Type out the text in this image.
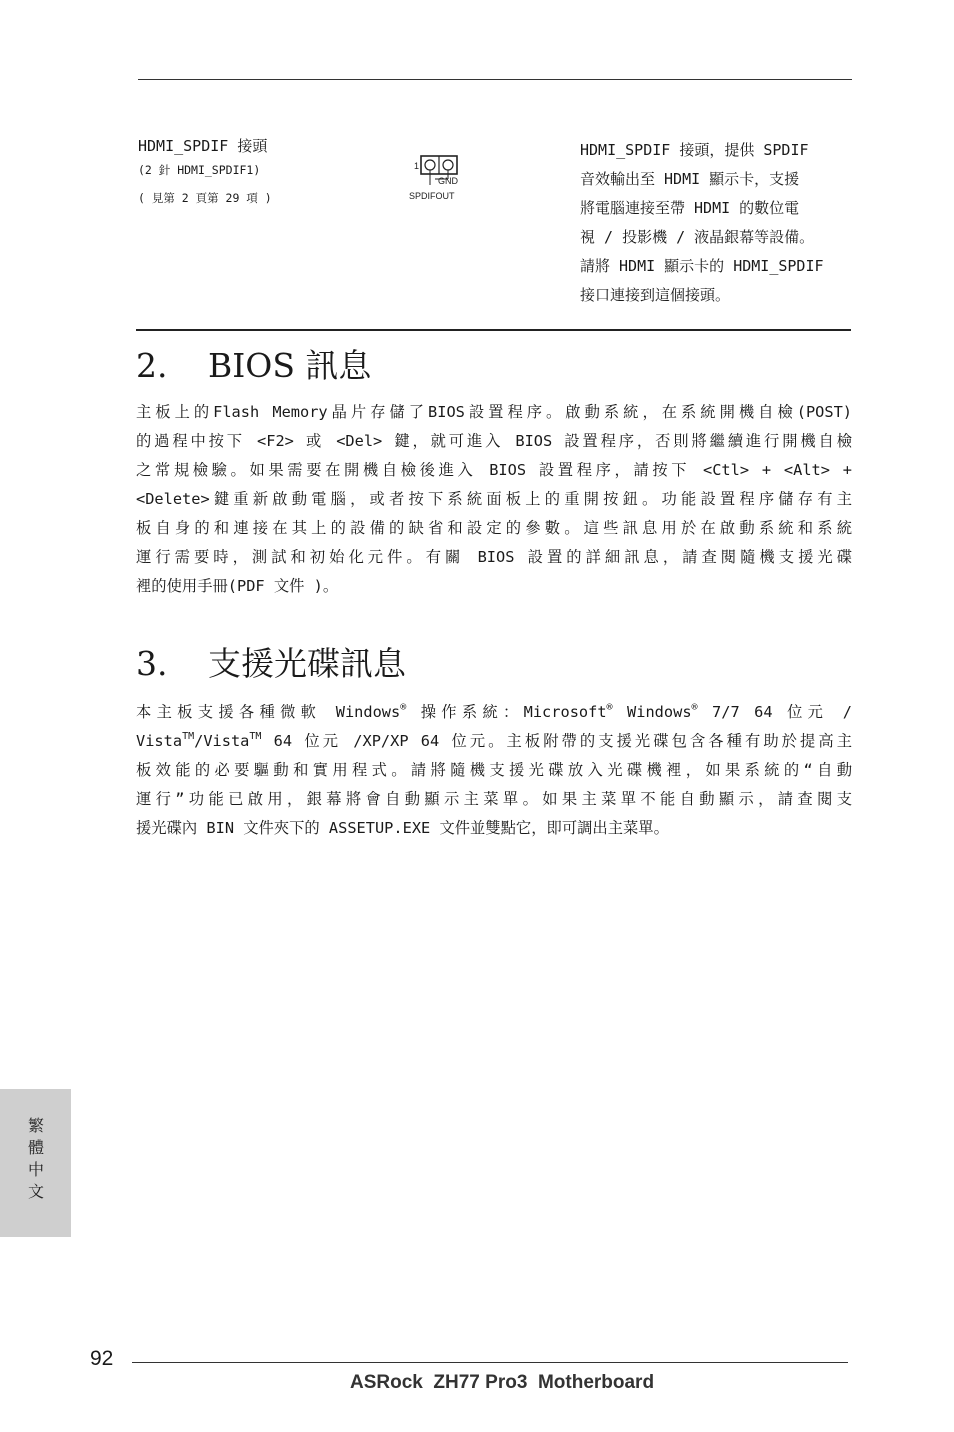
HDMI_SPDIF 接頭
(2 針 HDMI_SPDIF1)
( 見第 2 頁第 29 項 )
1
GND
SPDIFOUT
HDMI_SPDIF 接頭，提供 SPDIF
音效輸出至 HDMI 顯示卡，支援
將電腦連接至帶 HDMI 的數位電
視 / 投影機 / 液晶銀幕等設備。
請將 HDMI 顯示卡的 HDMI_SPDIF
接口連接到這個接頭。
2. BIOS 訊息
主板上的Flash Memory晶片存儲了BIOS設置程序。啟動系統，在系統開機自檢(POST)
的過程中按下 <F2> 或 <Del> 鍵，就可進入 BIOS 設置程序，否則將繼續進行開機自檢
之常規檢驗。如果需要在開機自檢後進入 BIOS 設置程序，請按下 <Ctl> + <Alt> +
<Delete>鍵重新啟動電腦，或者按下系統面板上的重開按鈕。功能設置程序儲存有主
板自身的和連接在其上的設備的缺省和設定的參數。這些訊息用於在啟動系統和系統
運行需要時，測試和初始化元件。有關 BIOS 設置的詳細訊息，請查閱隨機支援光碟
裡的使用手冊(PDF 文件 )。
3. 支援光碟訊息
本主板支援各種微軟 Windows® 操作系統：Microsoft® Windows® 7/7 64 位元 /
Vista™/Vista™ 64 位元 /XP/XP 64 位元。主板附帶的支援光碟包含各種有助於提高主
板效能的必要驅動和實用程式。請將隨機支援光碟放入光碟機裡，如果系統的“自動
運行”功能已啟用，銀幕將會自動顯示主菜單。如果主菜單不能自動顯示，請查閱支
援光碟內 BIN 文件夾下的 ASSETUP.EXE 文件並雙點它，即可調出主菜單。
繁體中文
92
ASRock  ZH77 Pro3  Motherboard
